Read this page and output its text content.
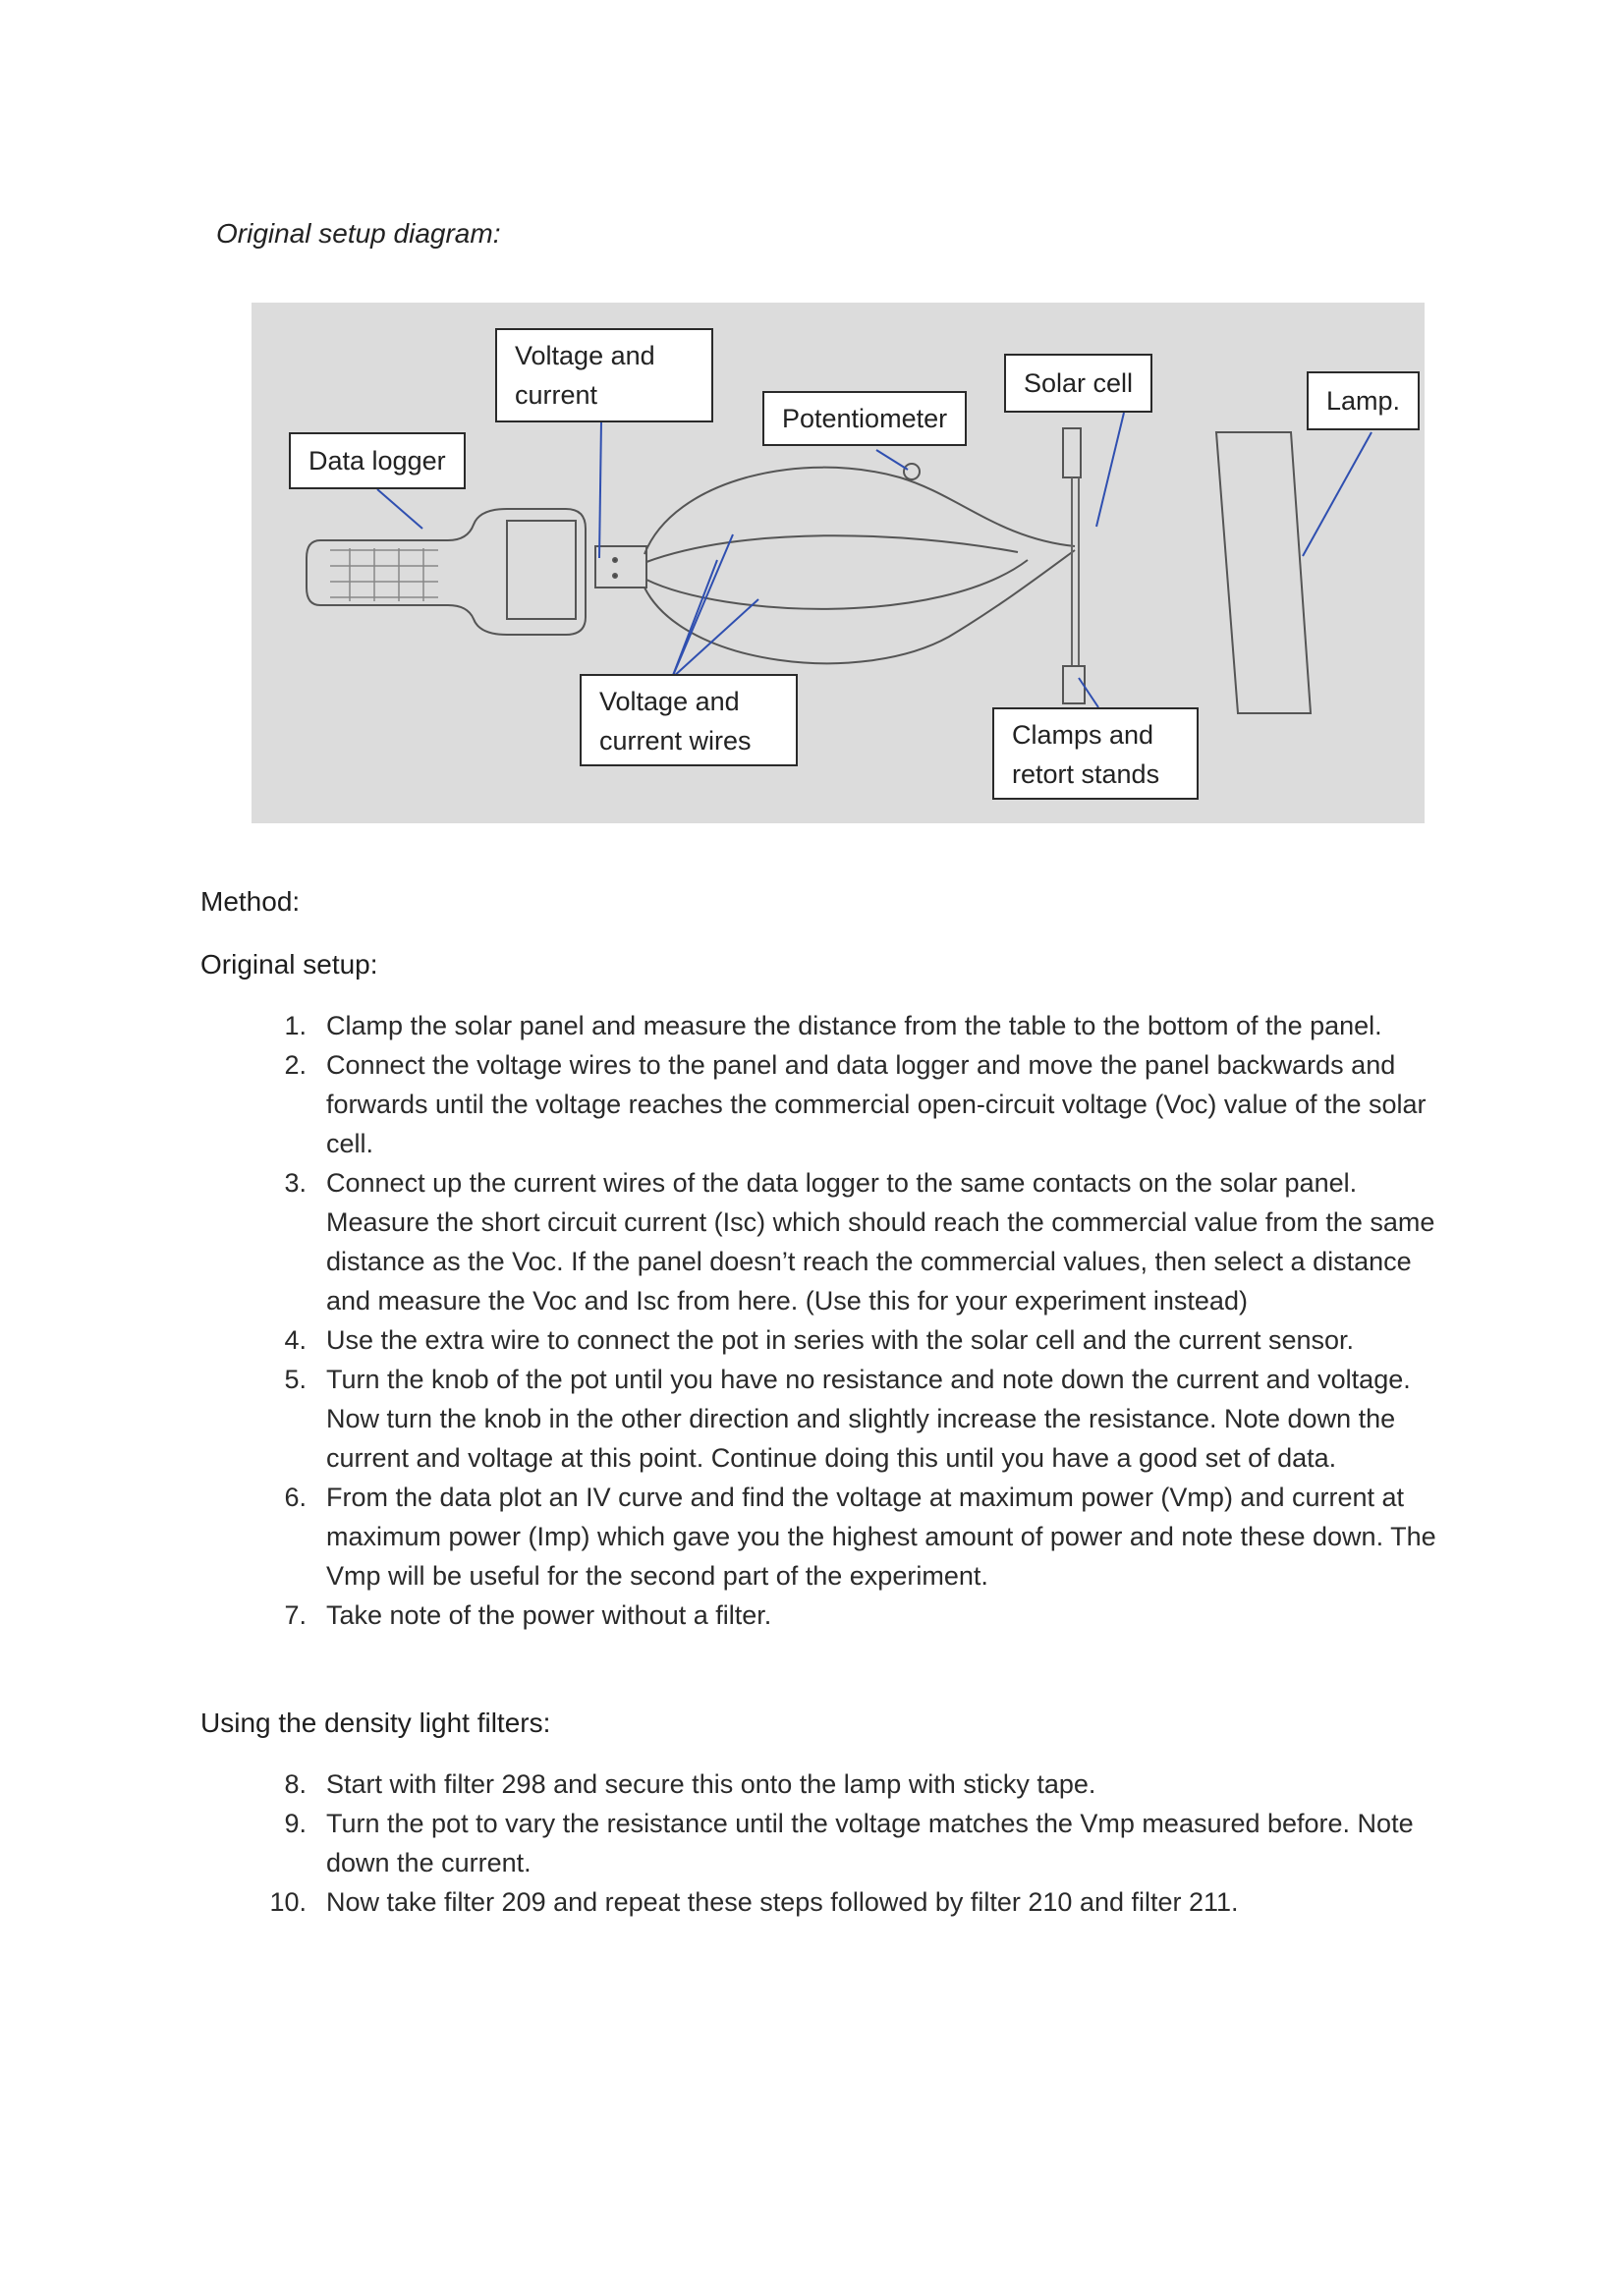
Original setup diagram:
Voltage and
current
Potentiometer
Solar cell
Lamp.
Data logger
Voltage and
current wires	Clamps and
retort stands
Method:
Original setup:
1. Clamp the solar panel and measure the distance from the table to the bottom of the panel.
2. Connect the voltage wires to the panel and data logger and move the panel backwards and forwards until the voltage reaches the commercial open-circuit voltage (Voc) value of the solar cell.
3. Connect up the current wires of the data logger to the same contacts on the solar panel. Measure the short circuit current (Isc) which should reach the commercial value from the same distance as the Voc. If the panel doesn’t reach the commercial values, then select a distance and measure the Voc and Isc from here. (Use this for your experiment instead)
4. Use the extra wire to connect the pot in series with the solar cell and the current sensor.
5. Turn the knob of the pot until you have no resistance and note down the current and voltage. Now turn the knob in the other direction and slightly increase the resistance. Note down the current and voltage at this point. Continue doing this until you have a good set of data.
6. From the data plot an IV curve and find the voltage at maximum power (Vmp) and current at maximum power (Imp) which gave you the highest amount of power and note these down. The Vmp will be useful for the second part of the experiment.
7. Take note of the power without a filter.
Using the density light filters:
8. Start with filter 298 and secure this onto the lamp with sticky tape.
9. Turn the pot to vary the resistance until the voltage matches the Vmp measured before. Note down the current.
10. Now take filter 209 and repeat these steps followed by filter 210 and filter 211.
